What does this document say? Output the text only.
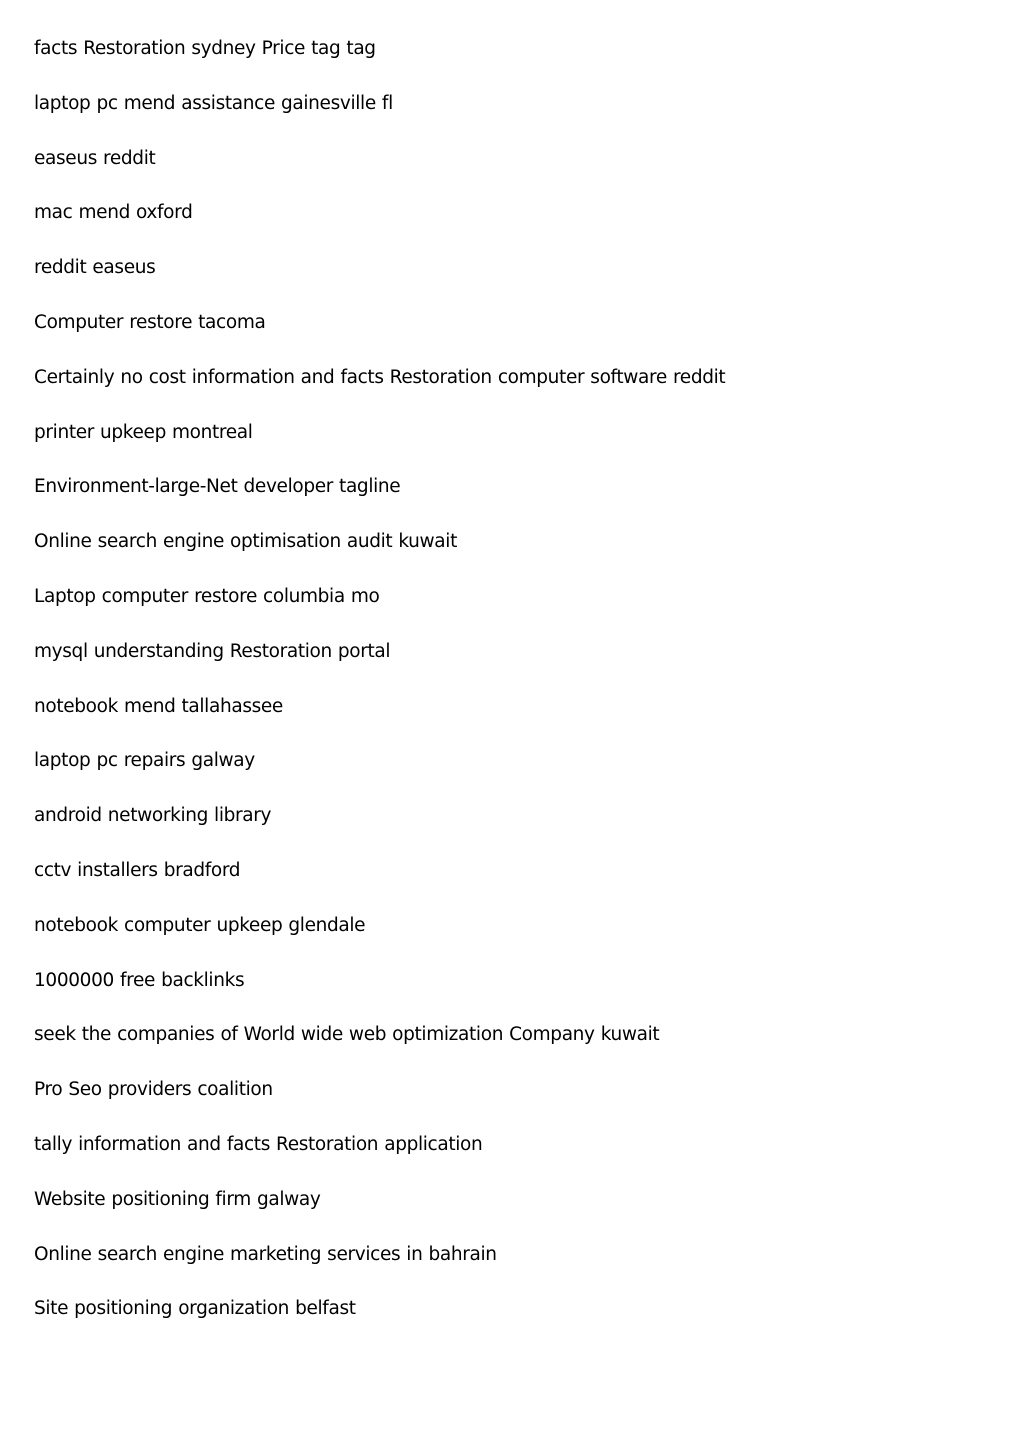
facts Restoration sydney Price tag tag
laptop pc mend assistance gainesville fl
easeus reddit
mac mend oxford
reddit easeus
Computer restore tacoma
Certainly no cost information and facts Restoration computer software reddit
printer upkeep montreal
Environment-large-Net developer tagline
Online search engine optimisation audit kuwait
Laptop computer restore columbia mo
mysql understanding Restoration portal
notebook mend tallahassee
laptop pc repairs galway
android networking library
cctv installers bradford
notebook computer upkeep glendale
1000000 free backlinks
seek the companies of World wide web optimization Company kuwait
Pro Seo providers coalition
tally information and facts Restoration application
Website positioning firm galway
Online search engine marketing services in bahrain
Site positioning organization belfast
